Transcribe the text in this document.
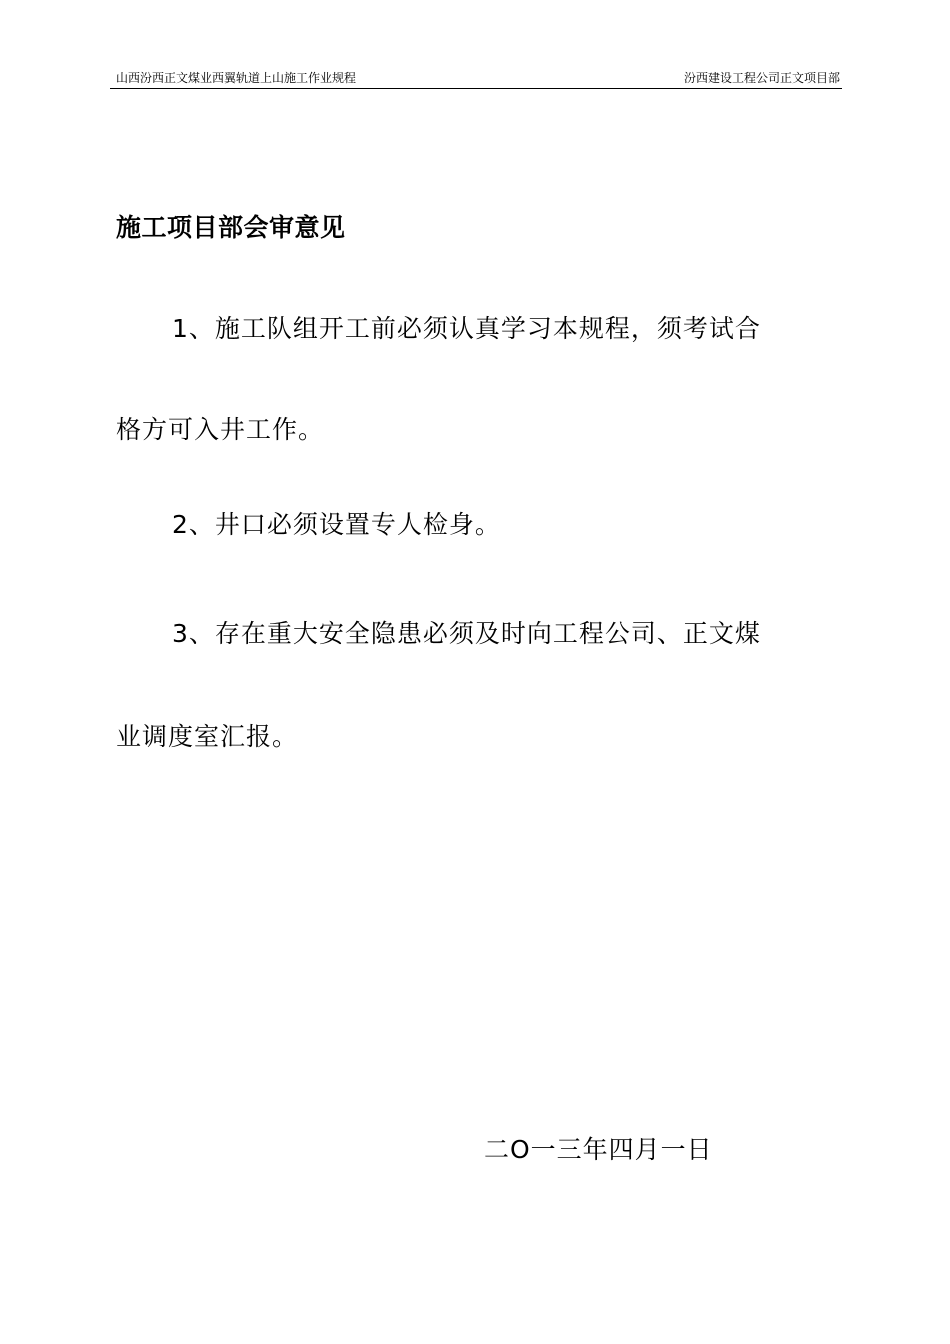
山西汾西正文煤业西翼轨道上山施工作业规程	汾西建设工程公司正文项目部
施工项目部会审意见
1、施工队组开工前必须认真学习本规程，须考试合
格方可入井工作。
2、井口必须设置专人检身。
3、存在重大安全隐患必须及时向工程公司、正文煤
业调度室汇报。
二O一三年四月一日
